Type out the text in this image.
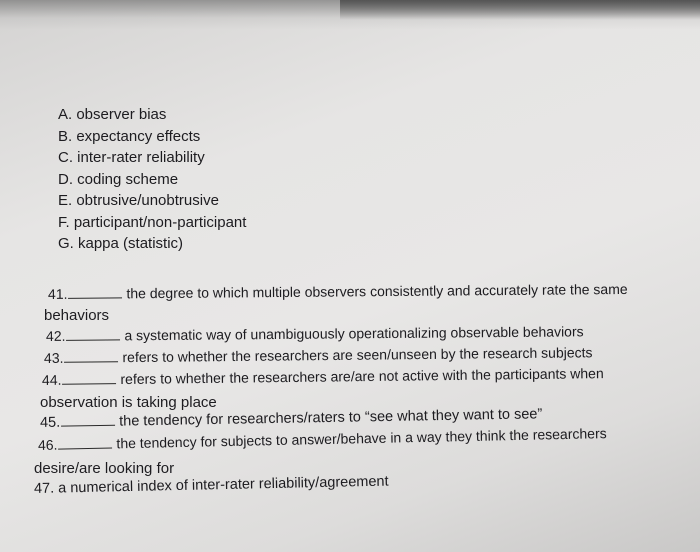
A. observer bias
B. expectancy effects
C. inter-rater reliability
D. coding scheme
E. obtrusive/unobtrusive
F. participant/non-participant
G. kappa (statistic)
41.	the degree to which multiple observers consistently and accurately rate the same
behaviors
42.	a systematic way of unambiguously operationalizing observable behaviors
43.	refers to whether the researchers are seen/unseen by the research subjects
44.	refers to whether the researchers are/are not active with the participants when
observation is taking place
45.	the tendency for researchers/raters to “see what they want to see”
46.	the tendency for subjects to answer/behave in a way they think the researchers
desire/are looking for
47. a numerical index of inter-rater reliability/agreement
